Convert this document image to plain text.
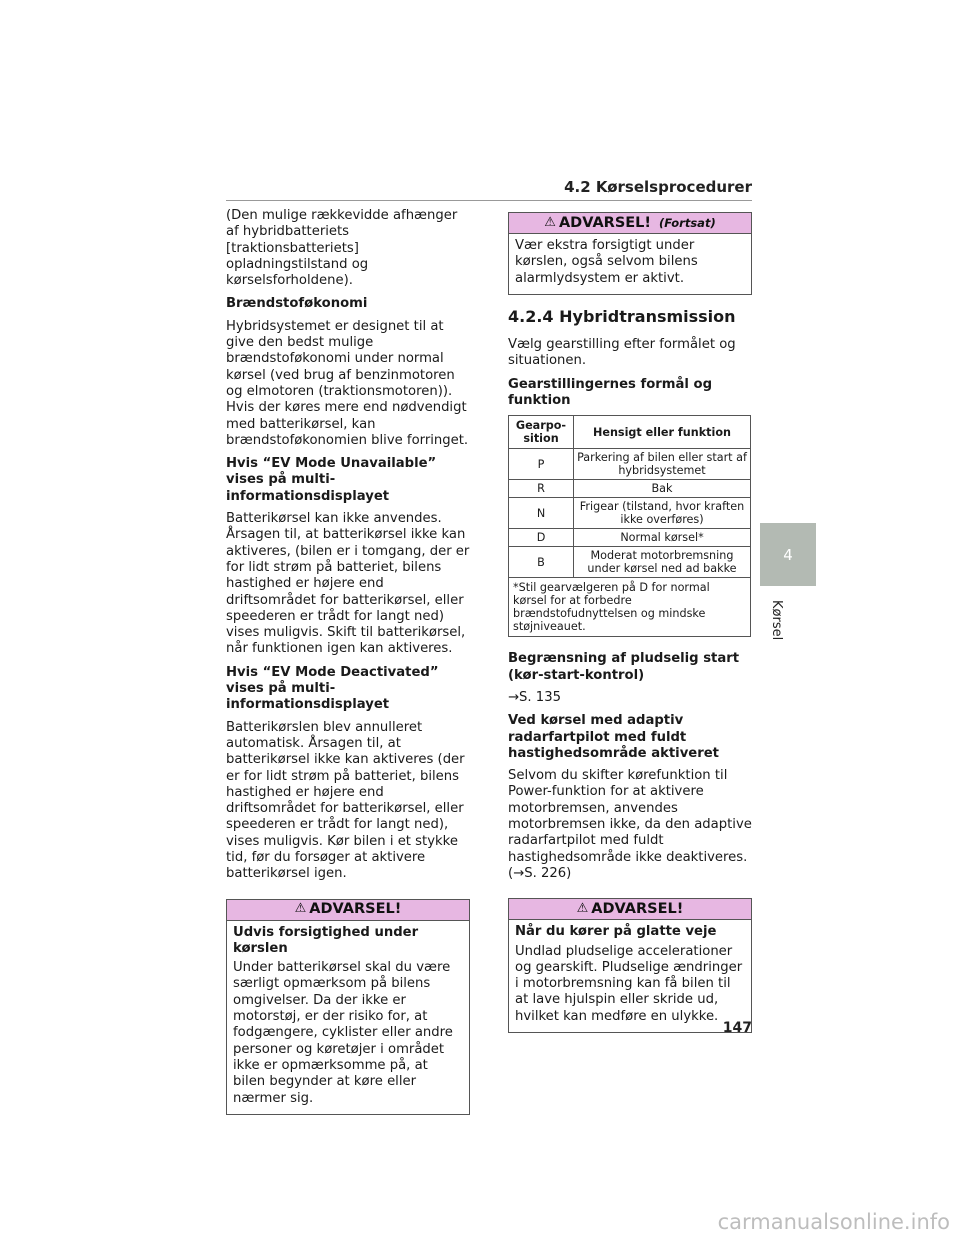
4.2 Kørselsprocedurer

(Den mulige rækkevidde afhænger af hybridbatteriets [traktionsbatteriets] opladningstilstand og kørselsforholdene).

Brændstoføkonomi

Hybridsystemet er designet til at give den bedst mulige brændstoføkonomi under normal kørsel (ved brug af benzinmotoren og elmotoren (traktionsmotoren)). Hvis der køres mere end nødvendigt med batterikørsel, kan brændstoføkonomien blive forringet.

Hvis “EV Mode Unavailable” vises på multi-informationsdisplayet

Batterikørsel kan ikke anvendes. Årsagen til, at batterikørsel ikke kan aktiveres, (bilen er i tomgang, der er for lidt strøm på batteriet, bilens hastighed er højere end driftsområdet for batterikørsel, eller speederen er trådt for langt ned) vises muligvis. Skift til batterikørsel, når funktionen igen kan aktiveres.

Hvis “EV Mode Deactivated” vises på multi-informationsdisplayet

Batterikørslen blev annulleret automatisk. Årsagen til, at batterikørsel ikke kan aktiveres (der er for lidt strøm på batteriet, bilens hastighed er højere end driftsområdet for batterikørsel, eller speederen er trådt for langt ned), vises muligvis. Kør bilen i et stykke tid, før du forsøger at aktivere batterikørsel igen.

⚠ ADVARSEL!

Udvis forsigtighed under kørslen

Under batterikørsel skal du være særligt opmærksom på bilens omgivelser. Da der ikke er motorstøj, er der risiko for, at fodgængere, cyklister eller andre personer og køretøjer i området ikke er opmærksomme på, at bilen begynder at køre eller nærmer sig.

⚠ ADVARSEL! (Fortsat)

Vær ekstra forsigtigt under kørslen, også selvom bilens alarmlydsystem er aktivt.

4.2.4 Hybridtransmission

Vælg gearstilling efter formålet og situationen.

Gearstillingernes formål og funktion

Gearpo-sition	Hensigt eller funktion
P	Parkering af bilen eller start af hybridsystemet
R	Bak
N	Frigear (tilstand, hvor kraften ikke overføres)
D	Normal kørsel*
B	Moderat motorbremsning under kørsel ned ad bakke
*Stil gearvælgeren på D for normal kørsel for at forbedre brændstofudnyttelsen og mindske støjniveauet.	

Begrænsning af pludselig start (kør-start-kontrol)

→S. 135

Ved kørsel med adaptiv radarfartpilot med fuldt hastighedsområde aktiveret

Selvom du skifter kørefunktion til Power-funktion for at aktivere motorbremsen, anvendes motorbremsen ikke, da den adaptive radarfartpilot med fuldt hastighedsområde ikke deaktiveres. (→S. 226)

⚠ ADVARSEL!

Når du kører på glatte veje

Undlad pludselige accelerationer og gearskift. Pludselige ændringer i motorbremsning kan få bilen til at lave hjulspin eller skride ud, hvilket kan medføre en ulykke.

4
Kørsel
147
carmanualsonline.info
